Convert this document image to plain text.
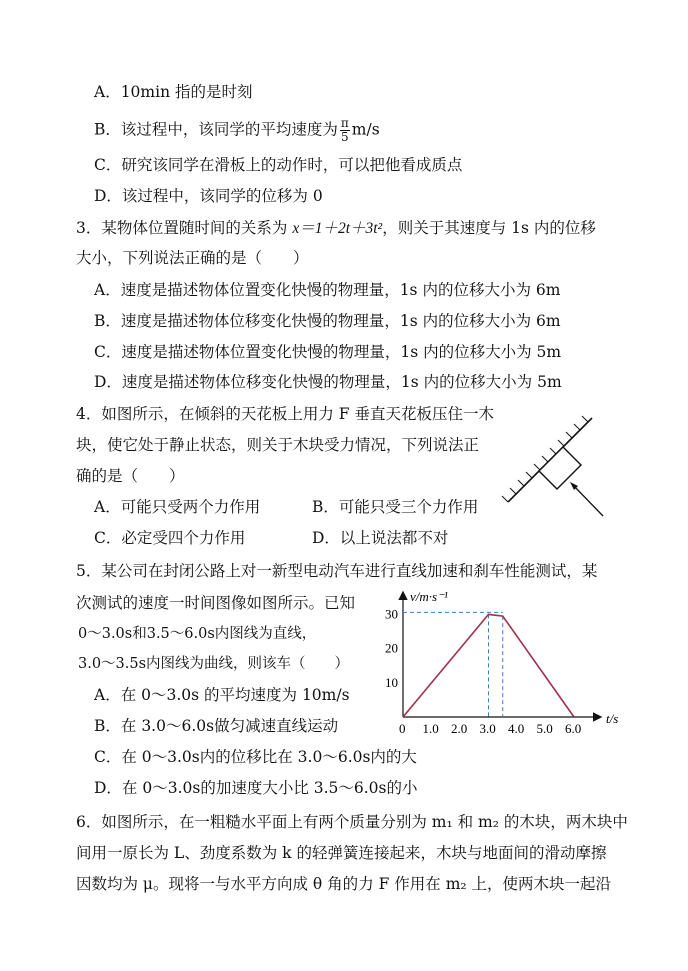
A．10min 指的是时刻
B．该过程中，该同学的平均速度为 $\frac{\pi}{5} m/s$
C．研究该同学在滑板上的动作时，可以把他看成质点
D．该过程中，该同学的位移为 0
3．某物体位置随时间的关系为 x＝1＋2t＋3t²，则关于其速度与 1s 内的位移
大小，下列说法正确的是（　　）
A．速度是描述物体位置变化快慢的物理量，1s 内的位移大小为 6m
B．速度是描述物体位移变化快慢的物理量，1s 内的位移大小为 6m
C．速度是描述物体位置变化快慢的物理量，1s 内的位移大小为 5m
D．速度是描述物体位移变化快慢的物理量，1s 内的位移大小为 5m
4．如图所示，在倾斜的天花板上用力 F 垂直天花板压住一木
块，使它处于静止状态，则关于木块受力情况，下列说法正
确的是（　　）
A．可能只受两个力作用	B．可能只受三个力作用
C．必定受四个力作用	D．以上说法都不对
5．某公司在封闭公路上对一新型电动汽车进行直线加速和刹车性能测试，某
次测试的速度一时间图像如图所示。已知
0～3.0s和3.5～6.0s内图线为直线，
3.0～3.5s内图线为曲线，则该车（　　）
A．在 0～3.0s 的平均速度为 10m/s
B．在 3.0～6.0s做匀减速直线运动
C．在 0～3.0s内的位移比在 3.0～6.0s内的大
D．在 0～3.0s的加速度大小比 3.5～6.0s的小
v/m·s⁻¹
t/s
0 1.0 2.0 3.0 4.0 5.0 6.0
10
20
30
6．如图所示，在一粗糙水平面上有两个质量分别为 m₁ 和 m₂ 的木块，两木块中
间用一原长为 L、劲度系数为 k 的轻弹簧连接起来，木块与地面间的滑动摩擦
因数均为 μ。现将一与水平方向成 θ 角的力 F 作用在 m₂ 上，使两木块一起沿
